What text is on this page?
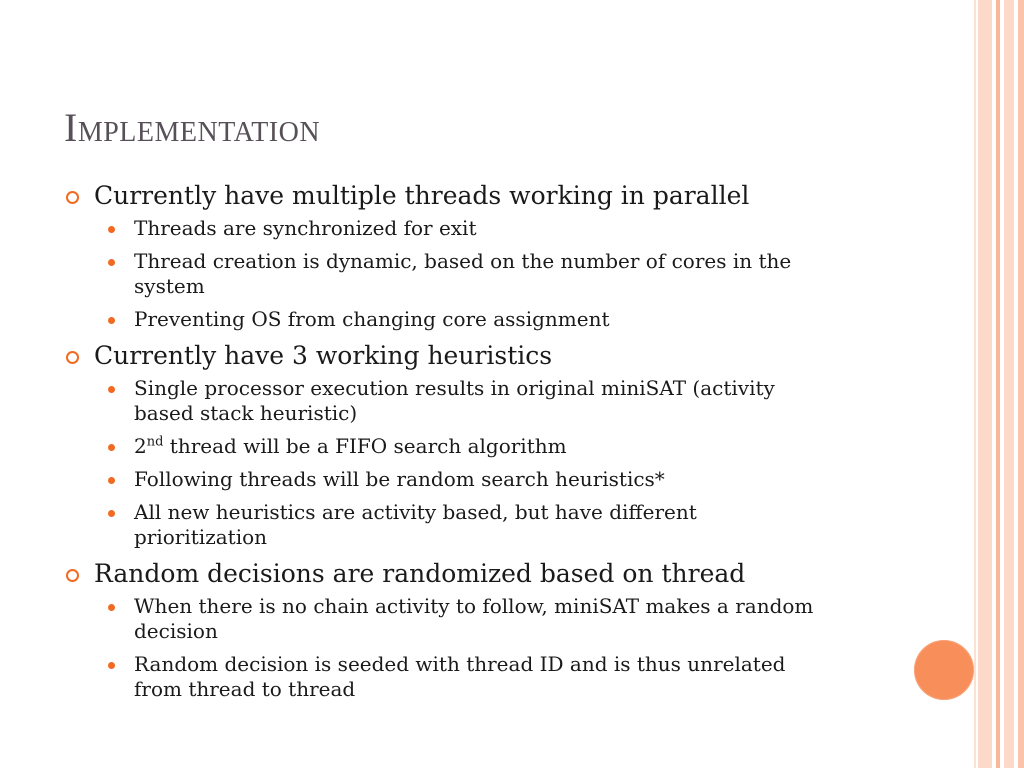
Implementation
Currently have multiple threads working in parallel
Threads are synchronized for exit
Thread creation is dynamic, based on the number of cores in the system
Preventing OS from changing core assignment
Currently have 3 working heuristics
Single processor execution results in original miniSAT (activity based stack heuristic)
2nd thread will be a FIFO search algorithm
Following threads will be random search heuristics*
All new heuristics are activity based, but have different prioritization
Random decisions are randomized based on thread
When there is no chain activity to follow, miniSAT makes a random decision
Random decision is seeded with thread ID and is thus unrelated from thread to thread
